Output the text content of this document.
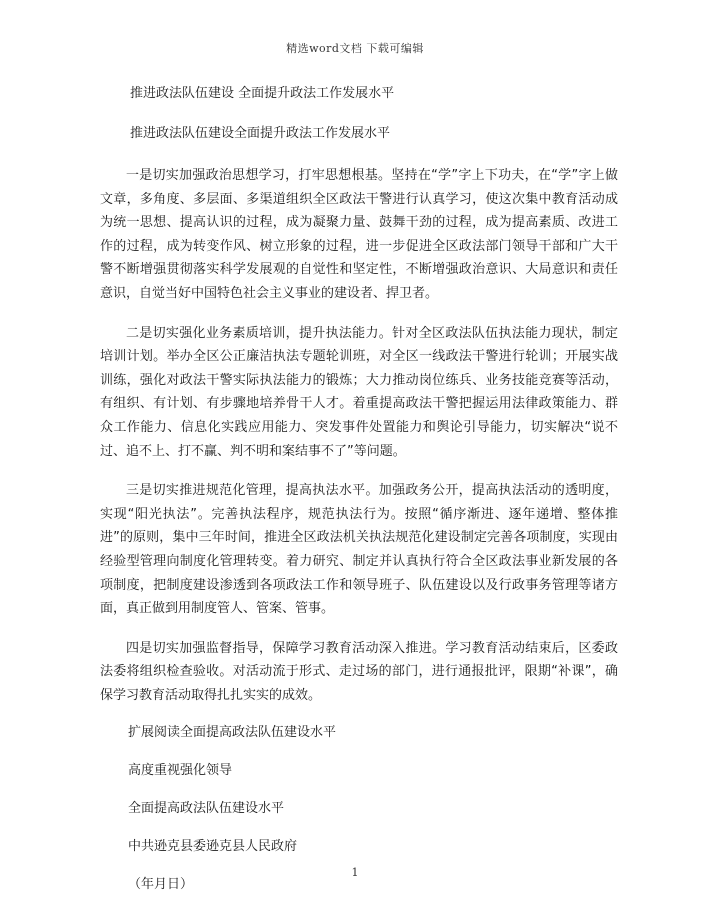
精选word文档 下载可编辑
推进政法队伍建设 全面提升政法工作发展水平
推进政法队伍建设全面提升政法工作发展水平

一是切实加强政治思想学习，打牢思想根基。坚持在“学”字上下功夫，在“学”字上做文章，多角度、多层面、多渠道组织全区政法干警进行认真学习，使这次集中教育活动成为统一思想、提高认识的过程，成为凝聚力量、鼓舞干劲的过程，成为提高素质、改进工作的过程，成为转变作风、树立形象的过程，进一步促进全区政法部门领导干部和广大干警不断增强贯彻落实科学发展观的自觉性和坚定性，不断增强政治意识、大局意识和责任意识，自觉当好中国特色社会主义事业的建设者、捍卫者。

二是切实强化业务素质培训，提升执法能力。针对全区政法队伍执法能力现状，制定培训计划。举办全区公正廉洁执法专题轮训班，对全区一线政法干警进行轮训；开展实战训练，强化对政法干警实际执法能力的锻炼；大力推动岗位练兵、业务技能竞赛等活动，有组织、有计划、有步骤地培养骨干人才。着重提高政法干警把握运用法律政策能力、群众工作能力、信息化实践应用能力、突发事件处置能力和舆论引导能力，切实解决“说不过、追不上、打不赢、判不明和案结事不了”等问题。

三是切实推进规范化管理，提高执法水平。加强政务公开，提高执法活动的透明度，实现“阳光执法”。完善执法程序，规范执法行为。按照“循序渐进、逐年递增、整体推进”的原则，集中三年时间，推进全区政法机关执法规范化建设制定完善各项制度，实现由经验型管理向制度化管理转变。着力研究、制定并认真执行符合全区政法事业新发展的各项制度，把制度建设渗透到各项政法工作和领导班子、队伍建设以及行政事务管理等诸方面，真正做到用制度管人、管案、管事。

四是切实加强监督指导，保障学习教育活动深入推进。学习教育活动结束后，区委政法委将组织检查验收。对活动流于形式、走过场的部门，进行通报批评，限期“补课”，确保学习教育活动取得扎扎实实的成效。

扩展阅读全面提高政法队伍建设水平
高度重视强化领导
全面提高政法队伍建设水平
中共逊克县委逊克县人民政府
（年月日）
1
